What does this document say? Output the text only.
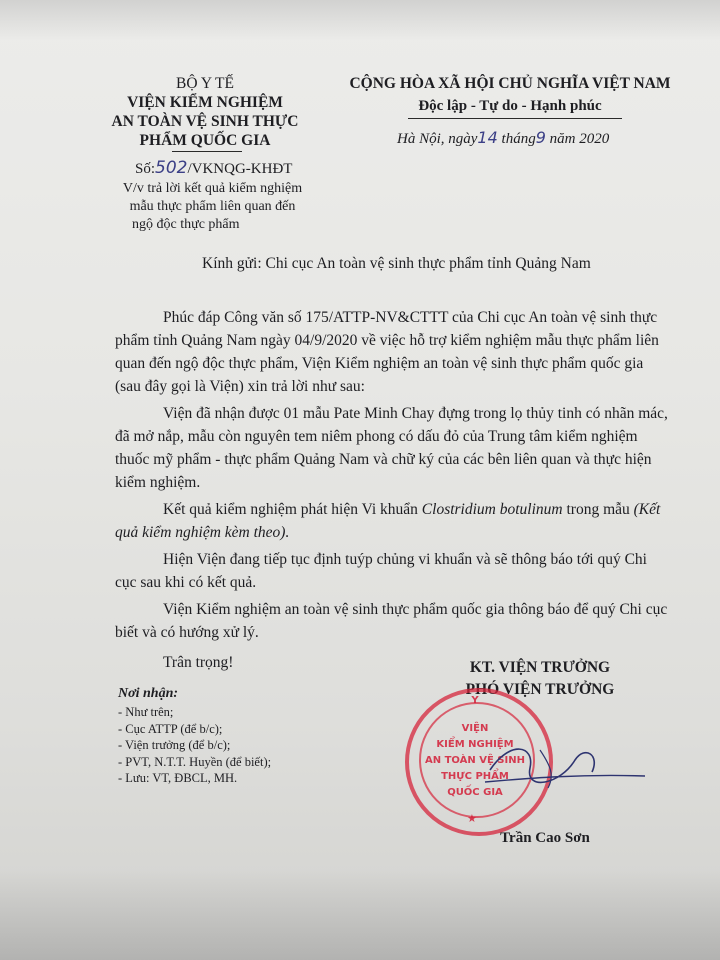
BỘ Y TẾ
VIỆN KIỂM NGHIỆM
AN TOÀN VỆ SINH THỰC
PHẨM QUỐC GIA
Số:502/VKNQG-KHĐT
V/v trả lời kết quả kiểm nghiệm
mẫu thực phẩm liên quan đến
ngộ độc thực phẩm
CỘNG HÒA XÃ HỘI CHỦ NGHĨA VIỆT NAM
Độc lập - Tự do - Hạnh phúc
Hà Nội, ngày14 tháng9 năm 2020
Kính gửi: Chi cục An toàn vệ sinh thực phẩm tỉnh Quảng Nam
Phúc đáp Công văn số 175/ATTP-NV&CTTT của Chi cục An toàn vệ sinh thực
phẩm tỉnh Quảng Nam ngày 04/9/2020 về việc hỗ trợ kiểm nghiệm mẫu thực phẩm liên
quan đến ngộ độc thực phẩm, Viện Kiểm nghiệm an toàn vệ sinh thực phẩm quốc gia
(sau đây gọi là Viện) xin trả lời như sau:
Viện đã nhận được 01 mẫu Pate Minh Chay đựng trong lọ thủy tinh có nhãn mác,
đã mở nắp, mẫu còn nguyên tem niêm phong có dấu đỏ của Trung tâm kiểm nghiệm
thuốc mỹ phẩm - thực phẩm Quảng Nam và chữ ký của các bên liên quan và thực hiện
kiểm nghiệm.
Kết quả kiểm nghiệm phát hiện Vi khuẩn Clostridium botulinum trong mẫu (Kết
quả kiểm nghiệm kèm theo).
Hiện Viện đang tiếp tục định tuýp chủng vi khuẩn và sẽ thông báo tới quý Chi
cục sau khi có kết quả.
Viện Kiểm nghiệm an toàn vệ sinh thực phẩm quốc gia thông báo để quý Chi cục
biết và có hướng xử lý.
Trân trọng!
Nơi nhận:
- Như trên;
- Cục ATTP (để b/c);
- Viện trưởng (để b/c);
- PVT, N.T.T. Huyền (để biết);
- Lưu: VT, ĐBCL, MH.
KT. VIỆN TRƯỞNG
PHÓ VIỆN TRƯỞNG
Y
VIỆN
KIỂM NGHIỆM
AN TOÀN VỆ SINH
THỰC PHẨM
QUỐC GIA
★
Trần Cao Sơn
